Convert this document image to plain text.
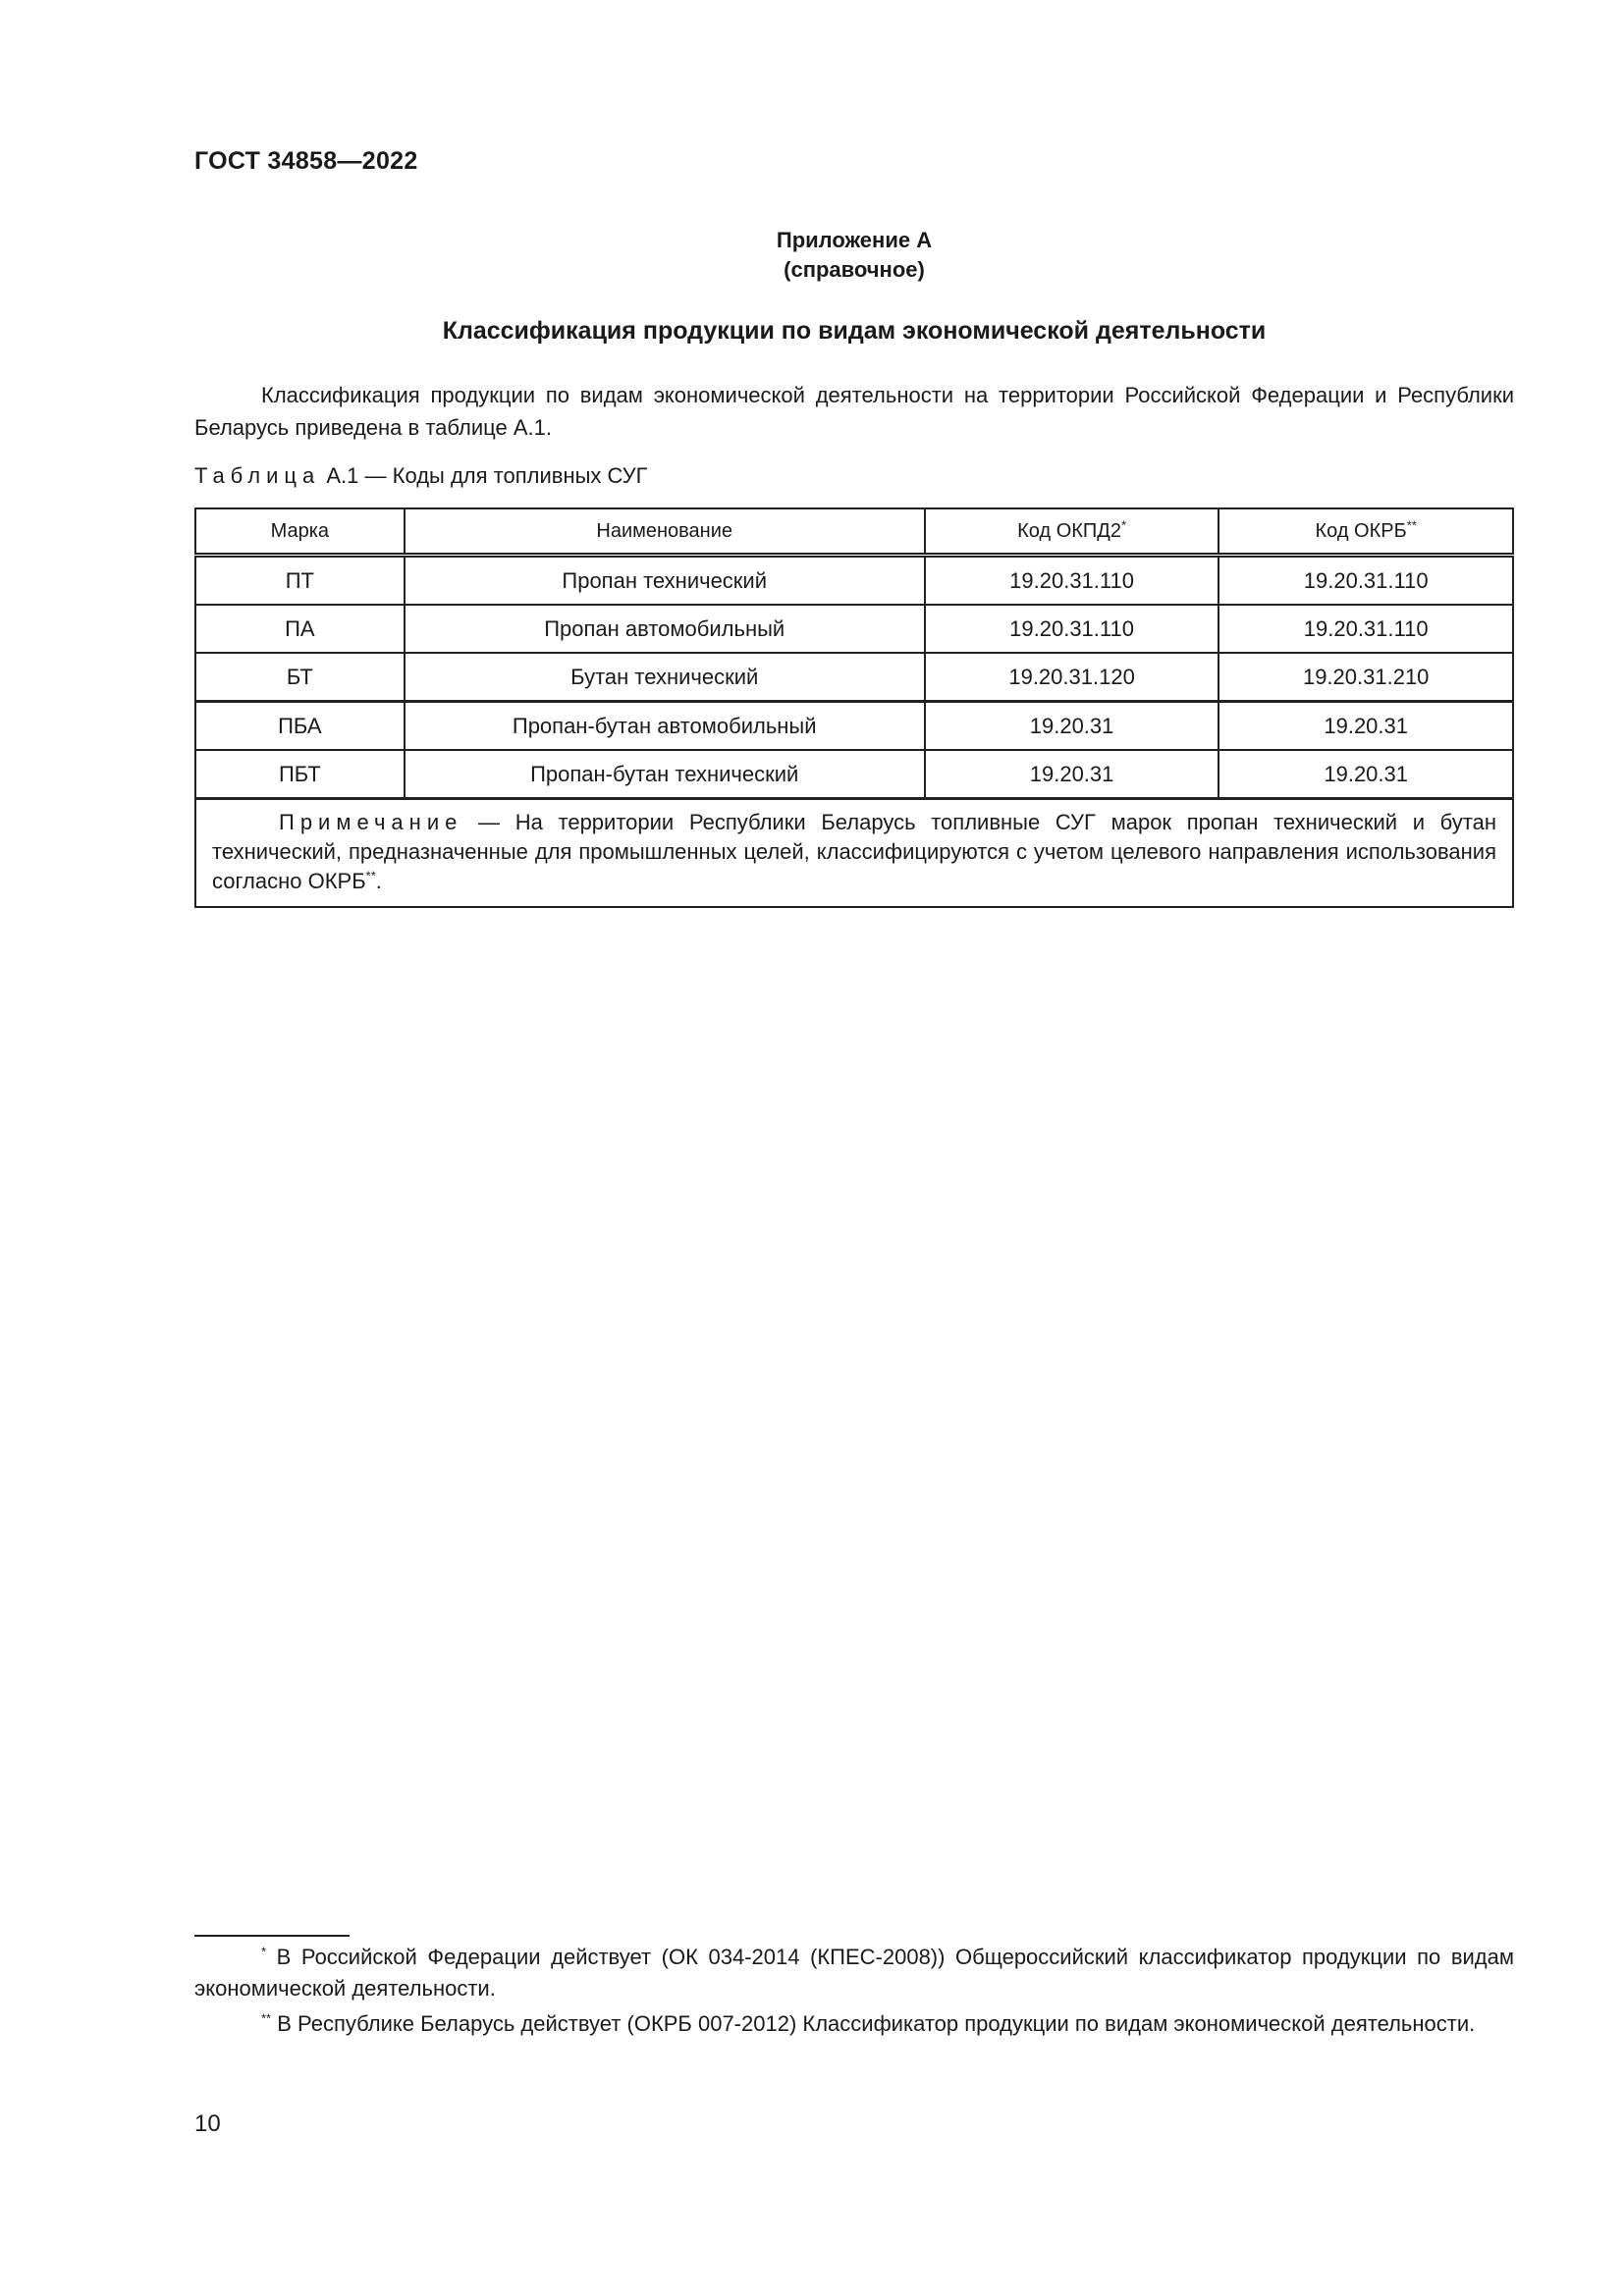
ГОСТ 34858—2022
Приложение А
(справочное)
Классификация продукции по видам экономической деятельности

Классификация продукции по видам экономической деятельности на территории Российской Федерации и Республики Беларусь приведена в таблице А.1.

Таблица А.1 — Коды для топливных СУГ
Марка	Наименование	Код ОКПД2*	Код ОКРБ**
ПТ	Пропан технический	19.20.31.110	19.20.31.110
ПА	Пропан автомобильный	19.20.31.110	19.20.31.110
БТ	Бутан технический	19.20.31.120	19.20.31.210
ПБА	Пропан-бутан автомобильный	19.20.31	19.20.31
ПБТ	Пропан-бутан технический	19.20.31	19.20.31
Примечание — На территории Республики Беларусь топливные СУГ марок пропан технический и бутан технический, предназначенные для промышленных целей, классифицируются с учетом целевого направления использования согласно ОКРБ**.			

* В Российской Федерации действует (ОК 034-2014 (КПЕС-2008)) Общероссийский классификатор продукции по видам экономической деятельности.

** В Республике Беларусь действует (ОКРБ 007-2012) Классификатор продукции по видам экономической деятельности.

10
